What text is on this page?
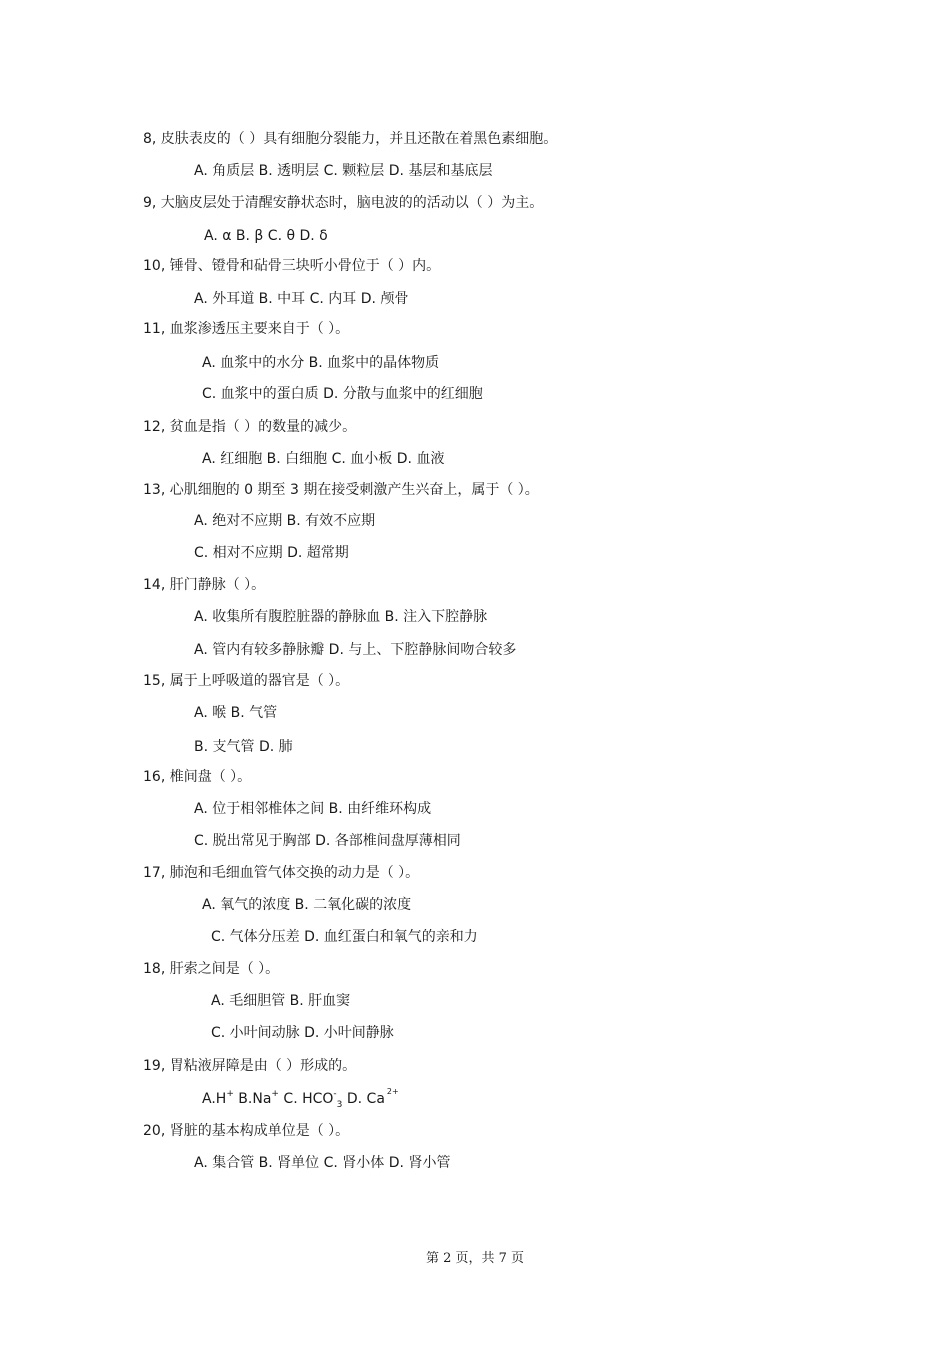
8, 皮肤表皮的（ ）具有细胞分裂能力，并且还散在着黑色素细胞。
A. 角质层 B. 透明层 C. 颗粒层 D. 基层和基底层
9, 大脑皮层处于清醒安静状态时，脑电波的的活动以（ ）为主。
A. α B. β C. θ D. δ
10, 锤骨、镫骨和砧骨三块听小骨位于（ ）内。
A. 外耳道 B. 中耳 C. 内耳 D. 颅骨
11, 血浆渗透压主要来自于（ ）。
A. 血浆中的水分 B. 血浆中的晶体物质
C. 血浆中的蛋白质 D. 分散与血浆中的红细胞
12, 贫血是指（ ）的数量的减少。
A. 红细胞 B. 白细胞 C. 血小板 D. 血液
13, 心肌细胞的 0 期至 3 期在接受刺激产生兴奋上，属于（ ）。
A. 绝对不应期 B. 有效不应期
C. 相对不应期 D. 超常期
14, 肝门静脉（ ）。
A. 收集所有腹腔脏器的静脉血 B. 注入下腔静脉
A. 管内有较多静脉瓣 D. 与上、下腔静脉间吻合较多
15, 属于上呼吸道的器官是（ ）。
A. 喉 B. 气管
B. 支气管 D. 肺
16, 椎间盘（ ）。
A. 位于相邻椎体之间 B. 由纤维环构成
C. 脱出常见于胸部 D. 各部椎间盘厚薄相同
17, 肺泡和毛细血管气体交换的动力是（ ）。
A. 氧气的浓度 B. 二氧化碳的浓度
C. 气体分压差 D. 血红蛋白和氧气的亲和力
18, 肝索之间是（ ）。
A. 毛细胆管 B. 肝血窦
C. 小叶间动脉 D. 小叶间静脉
19, 胃粘液屏障是由（ ）形成的。
A.H+ B.Na+ C. $HCO^-_3$ D. Ca $^{2+}$
20, 肾脏的基本构成单位是（ ）。
A. 集合管 B. 肾单位 C. 肾小体 D. 肾小管
第 2 页，共 7 页
